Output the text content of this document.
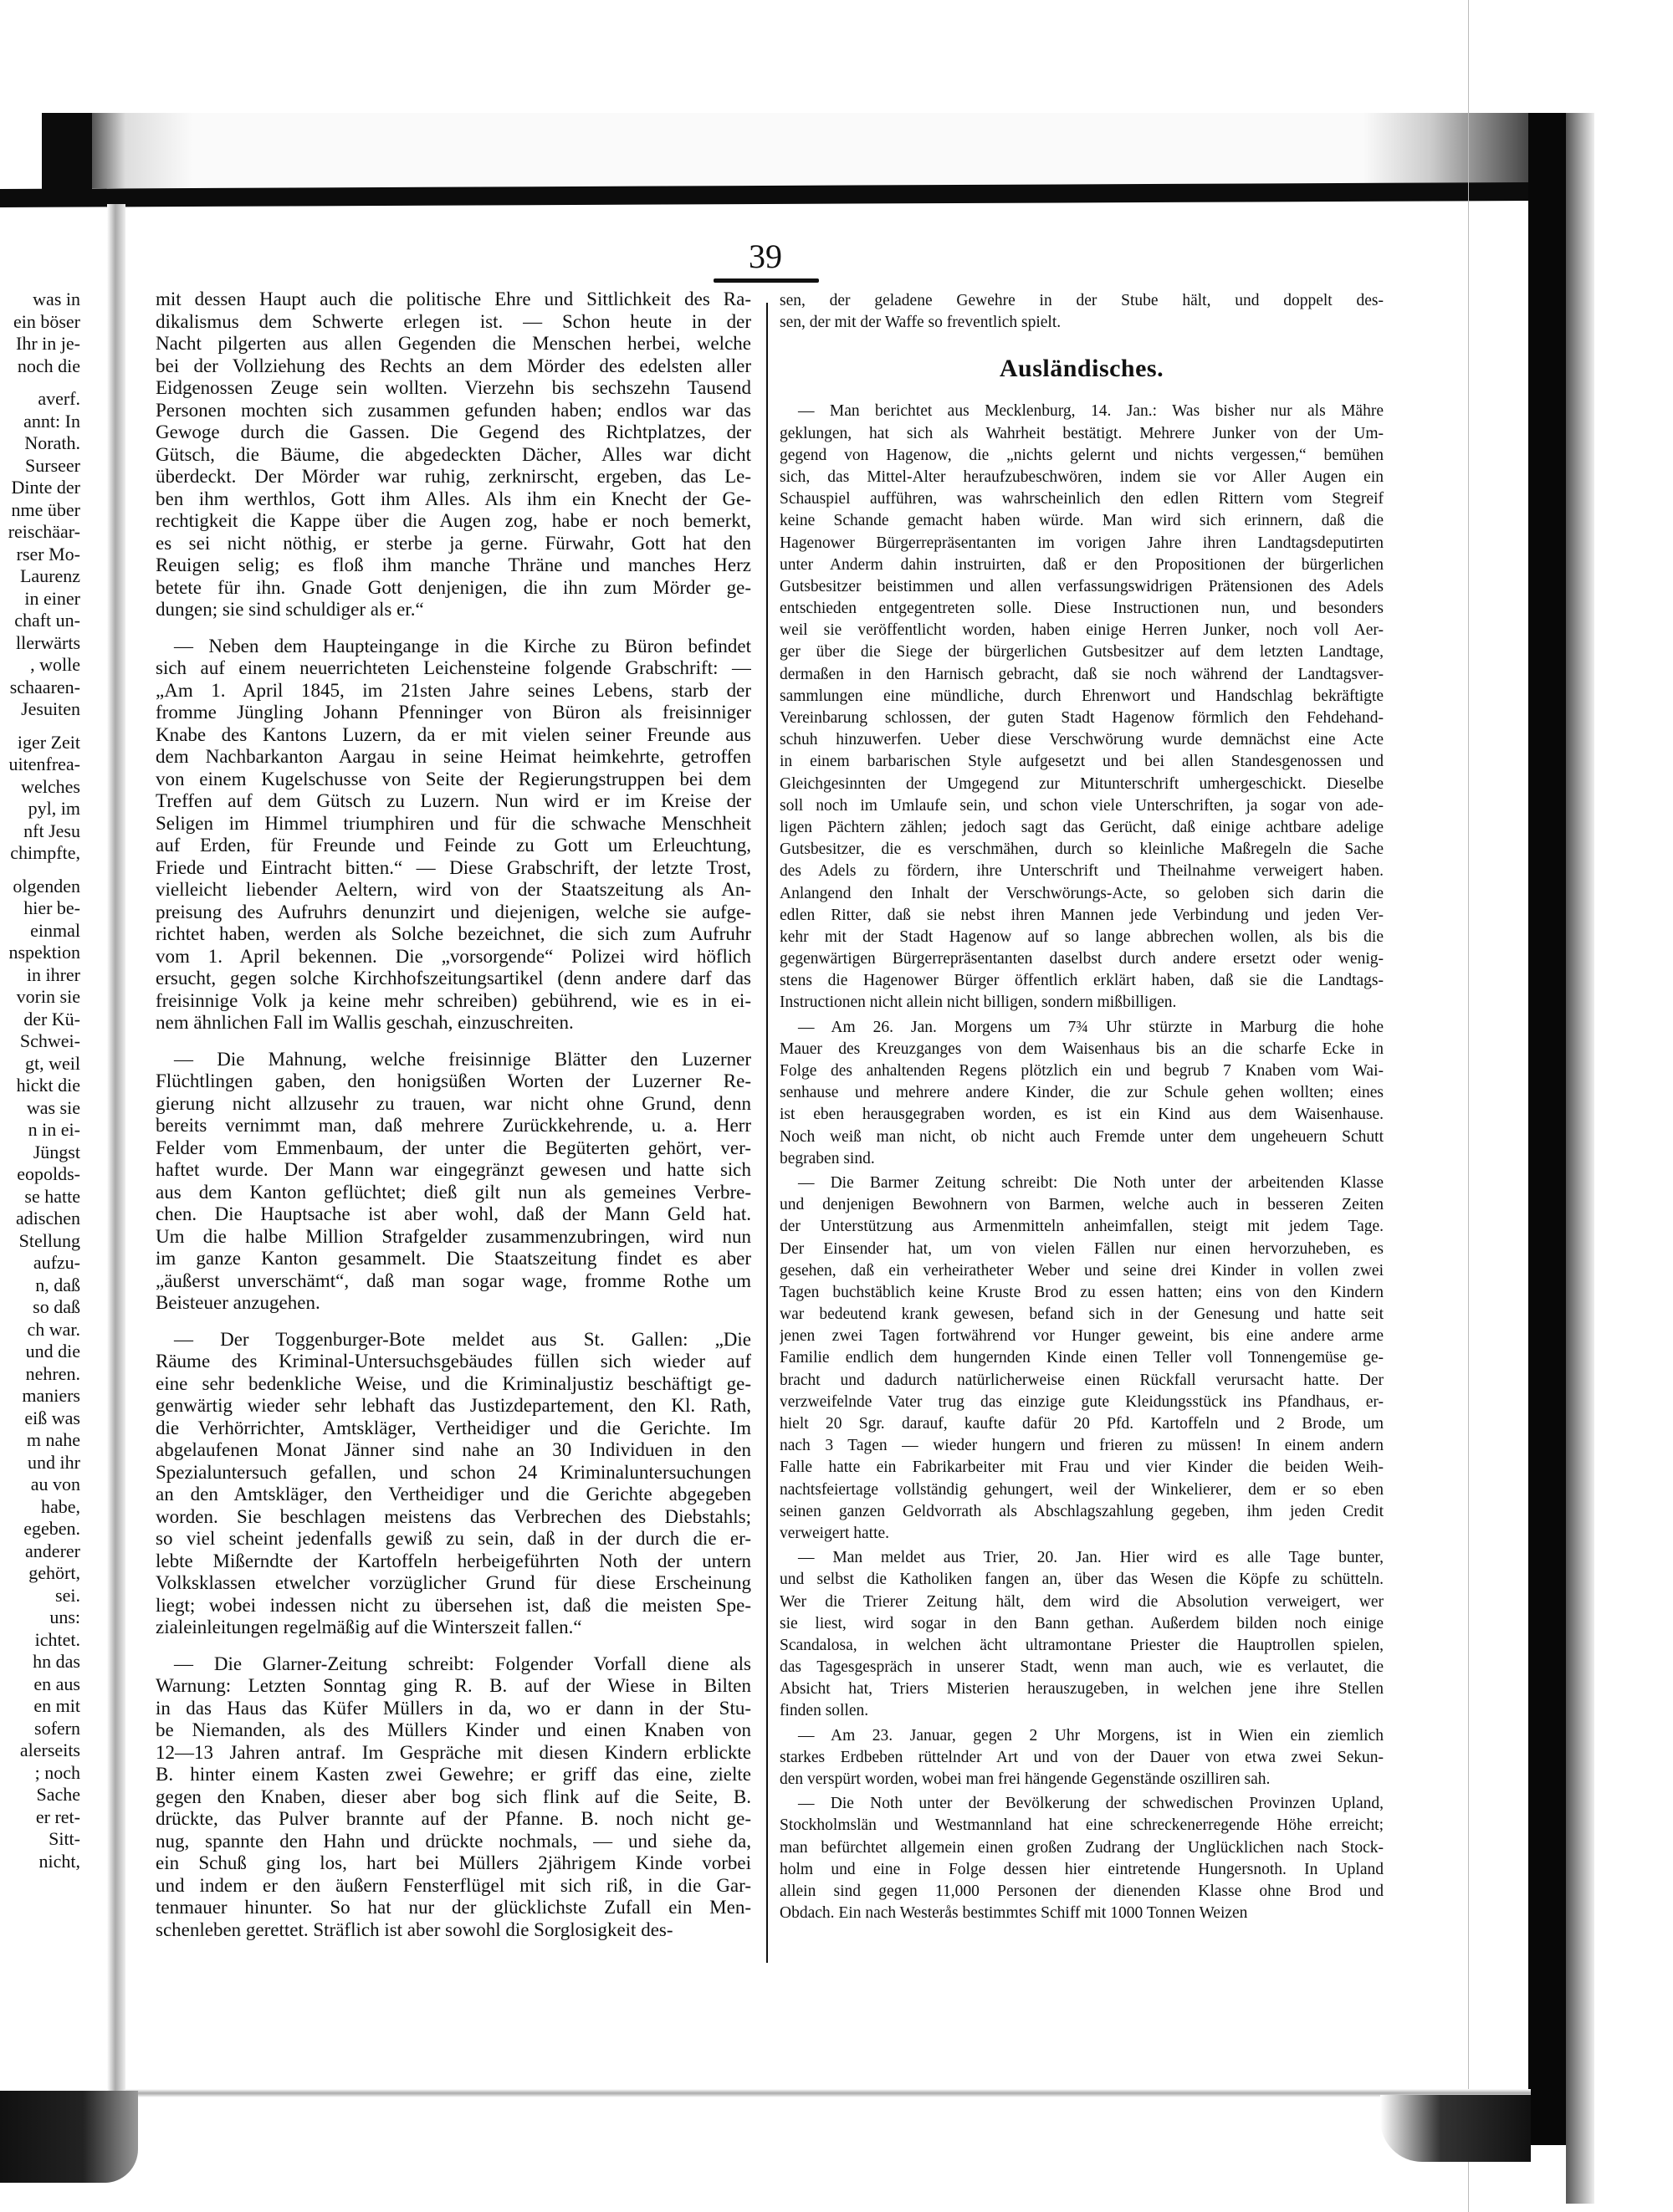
39
was in
ein böser
Ihr in je-
noch die
averf.
annt: In
Norath.
Surseer
Dinte der
nme über
reischäar-
rser Mo-
Laurenz
in einer
chaft un-
llerwärts
, wolle
schaaren-
Jesuiten
iger Zeit
uitenfrea-
welches
pyl, im
nft Jesu
chimpfte,
olgenden
hier be-
einmal
nspektion
in ihrer
vorin sie
der Kü-
Schwei-
gt, weil
hickt die
was sie
n in ei-
Jüngst
eopolds-
se hatte
adischen
Stellung
aufzu-
n, daß
so daß
ch war.
und die
nehren.
maniers
eiß was
m nahe
und ihr
au von
habe,
egeben.
anderer
gehört,
sei.
uns:
ichtet.
hn das
en aus
en mit
sofern
alerseits
; noch
Sache
er ret-
Sitt-
nicht,
mit dessen Haupt auch die politische Ehre und Sittlichkeit des Ra-
dikalismus dem Schwerte erlegen ist. — Schon heute in der
Nacht pilgerten aus allen Gegenden die Menschen herbei, welche
bei der Vollziehung des Rechts an dem Mörder des edelsten aller
Eidgenossen Zeuge sein wollten. Vierzehn bis sechszehn Tausend
Personen mochten sich zusammen gefunden haben; endlos war das
Gewoge durch die Gassen. Die Gegend des Richtplatzes, der
Gütsch, die Bäume, die abgedeckten Dächer, Alles war dicht
überdeckt. Der Mörder war ruhig, zerknirscht, ergeben, das Le-
ben ihm werthlos, Gott ihm Alles. Als ihm ein Knecht der Ge-
rechtigkeit die Kappe über die Augen zog, habe er noch bemerkt,
es sei nicht nöthig, er sterbe ja gerne. Fürwahr, Gott hat den
Reuigen selig; es floß ihm manche Thräne und manches Herz
betete für ihn. Gnade Gott denjenigen, die ihn zum Mörder ge-
dungen; sie sind schuldiger als er.“
— Neben dem Haupteingange in die Kirche zu Büron befindet
sich auf einem neuerrichteten Leichensteine folgende Grabschrift: —
„Am 1. April 1845, im 21sten Jahre seines Lebens, starb der
fromme Jüngling Johann Pfenninger von Büron als freisinniger
Knabe des Kantons Luzern, da er mit vielen seiner Freunde aus
dem Nachbarkanton Aargau in seine Heimat heimkehrte, getroffen
von einem Kugelschusse von Seite der Regierungstruppen bei dem
Treffen auf dem Gütsch zu Luzern. Nun wird er im Kreise der
Seligen im Himmel triumphiren und für die schwache Menschheit
auf Erden, für Freunde und Feinde zu Gott um Erleuchtung,
Friede und Eintracht bitten.“ — Diese Grabschrift, der letzte Trost,
vielleicht liebender Aeltern, wird von der Staatszeitung als An-
preisung des Aufruhrs denunzirt und diejenigen, welche sie aufge-
richtet haben, werden als Solche bezeichnet, die sich zum Aufruhr
vom 1. April bekennen. Die „vorsorgende“ Polizei wird höflich
ersucht, gegen solche Kirchhofszeitungsartikel (denn andere darf das
freisinnige Volk ja keine mehr schreiben) gebührend, wie es in ei-
nem ähnlichen Fall im Wallis geschah, einzuschreiten.
— Die Mahnung, welche freisinnige Blätter den Luzerner
Flüchtlingen gaben, den honigsüßen Worten der Luzerner Re-
gierung nicht allzusehr zu trauen, war nicht ohne Grund, denn
bereits vernimmt man, daß mehrere Zurückkehrende, u. a. Herr
Felder vom Emmenbaum, der unter die Begüterten gehört, ver-
haftet wurde. Der Mann war eingegränzt gewesen und hatte sich
aus dem Kanton geflüchtet; dieß gilt nun als gemeines Verbre-
chen. Die Hauptsache ist aber wohl, daß der Mann Geld hat.
Um die halbe Million Strafgelder zusammenzubringen, wird nun
im ganze Kanton gesammelt. Die Staatszeitung findet es aber
„äußerst unverschämt“, daß man sogar wage, fromme Rothe um
Beisteuer anzugehen.
— Der Toggenburger-Bote meldet aus St. Gallen: „Die
Räume des Kriminal-Untersuchsgebäudes füllen sich wieder auf
eine sehr bedenkliche Weise, und die Kriminaljustiz beschäftigt ge-
genwärtig wieder sehr lebhaft das Justizdepartement, den Kl. Rath,
die Verhörrichter, Amtskläger, Vertheidiger und die Gerichte. Im
abgelaufenen Monat Jänner sind nahe an 30 Individuen in den
Spezialuntersuch gefallen, und schon 24 Kriminaluntersuchungen
an den Amtskläger, den Vertheidiger und die Gerichte abgegeben
worden. Sie beschlagen meistens das Verbrechen des Diebstahls;
so viel scheint jedenfalls gewiß zu sein, daß in der durch die er-
lebte Mißerndte der Kartoffeln herbeigeführten Noth der untern
Volksklassen etwelcher vorzüglicher Grund für diese Erscheinung
liegt; wobei indessen nicht zu übersehen ist, daß die meisten Spe-
zialeinleitungen regelmäßig auf die Winterszeit fallen.“
— Die Glarner-Zeitung schreibt: Folgender Vorfall diene als
Warnung: Letzten Sonntag ging R. B. auf der Wiese in Bilten
in das Haus das Küfer Müllers in da, wo er dann in der Stu-
be Niemanden, als des Müllers Kinder und einen Knaben von
12—13 Jahren antraf. Im Gespräche mit diesen Kindern erblickte
B. hinter einem Kasten zwei Gewehre; er griff das eine, zielte
gegen den Knaben, dieser aber bog sich flink auf die Seite, B.
drückte, das Pulver brannte auf der Pfanne. B. noch nicht ge-
nug, spannte den Hahn und drückte nochmals, — und siehe da,
ein Schuß ging los, hart bei Müllers 2jährigem Kinde vorbei
und indem er den äußern Fensterflügel mit sich riß, in die Gar-
tenmauer hinunter. So hat nur der glücklichste Zufall ein Men-
schenleben gerettet. Sträflich ist aber sowohl die Sorglosigkeit des-
sen, der geladene Gewehre in der Stube hält, und doppelt des-
sen, der mit der Waffe so freventlich spielt.
Ausländisches.
— Man berichtet aus Mecklenburg, 14. Jan.: Was bisher nur als Mähre
geklungen, hat sich als Wahrheit bestätigt. Mehrere Junker von der Um-
gegend von Hagenow, die „nichts gelernt und nichts vergessen,“ bemühen
sich, das Mittel-Alter heraufzubeschwören, indem sie vor Aller Augen ein
Schauspiel aufführen, was wahrscheinlich den edlen Rittern vom Stegreif
keine Schande gemacht haben würde. Man wird sich erinnern, daß die
Hagenower Bürgerrepräsentanten im vorigen Jahre ihren Landtagsdeputirten
unter Anderm dahin instruirten, daß er den Propositionen der bürgerlichen
Gutsbesitzer beistimmen und allen verfassungswidrigen Prätensionen des Adels
entschieden entgegentreten solle. Diese Instructionen nun, und besonders
weil sie veröffentlicht worden, haben einige Herren Junker, noch voll Aer-
ger über die Siege der bürgerlichen Gutsbesitzer auf dem letzten Landtage,
dermaßen in den Harnisch gebracht, daß sie noch während der Landtagsver-
sammlungen eine mündliche, durch Ehrenwort und Handschlag bekräftigte
Vereinbarung schlossen, der guten Stadt Hagenow förmlich den Fehdehand-
schuh hinzuwerfen. Ueber diese Verschwörung wurde demnächst eine Acte
in einem barbarischen Style aufgesetzt und bei allen Standesgenossen und
Gleichgesinnten der Umgegend zur Mitunterschrift umhergeschickt. Dieselbe
soll noch im Umlaufe sein, und schon viele Unterschriften, ja sogar von ade-
ligen Pächtern zählen; jedoch sagt das Gerücht, daß einige achtbare adelige
Gutsbesitzer, die es verschmähen, durch so kleinliche Maßregeln die Sache
des Adels zu fördern, ihre Unterschrift und Theilnahme verweigert haben.
Anlangend den Inhalt der Verschwörungs-Acte, so geloben sich darin die
edlen Ritter, daß sie nebst ihren Mannen jede Verbindung und jeden Ver-
kehr mit der Stadt Hagenow auf so lange abbrechen wollen, als bis die
gegenwärtigen Bürgerrepräsentanten daselbst durch andere ersetzt oder wenig-
stens die Hagenower Bürger öffentlich erklärt haben, daß sie die Landtags-
Instructionen nicht allein nicht billigen, sondern mißbilligen.
— Am 26. Jan. Morgens um 7¾ Uhr stürzte in Marburg die hohe
Mauer des Kreuzganges von dem Waisenhaus bis an die scharfe Ecke in
Folge des anhaltenden Regens plötzlich ein und begrub 7 Knaben vom Wai-
senhause und mehrere andere Kinder, die zur Schule gehen wollten; eines
ist eben herausgegraben worden, es ist ein Kind aus dem Waisenhause.
Noch weiß man nicht, ob nicht auch Fremde unter dem ungeheuern Schutt
begraben sind.
— Die Barmer Zeitung schreibt: Die Noth unter der arbeitenden Klasse
und denjenigen Bewohnern von Barmen, welche auch in besseren Zeiten
der Unterstützung aus Armenmitteln anheimfallen, steigt mit jedem Tage.
Der Einsender hat, um von vielen Fällen nur einen hervorzuheben, es
gesehen, daß ein verheiratheter Weber und seine drei Kinder in vollen zwei
Tagen buchstäblich keine Kruste Brod zu essen hatten; eins von den Kindern
war bedeutend krank gewesen, befand sich in der Genesung und hatte seit
jenen zwei Tagen fortwährend vor Hunger geweint, bis eine andere arme
Familie endlich dem hungernden Kinde einen Teller voll Tonnengemüse ge-
bracht und dadurch natürlicherweise einen Rückfall verursacht hatte. Der
verzweifelnde Vater trug das einzige gute Kleidungsstück ins Pfandhaus, er-
hielt 20 Sgr. darauf, kaufte dafür 20 Pfd. Kartoffeln und 2 Brode, um
nach 3 Tagen — wieder hungern und frieren zu müssen! In einem andern
Falle hatte ein Fabrikarbeiter mit Frau und vier Kinder die beiden Weih-
nachtsfeiertage vollständig gehungert, weil der Winkelierer, dem er so eben
seinen ganzen Geldvorrath als Abschlagszahlung gegeben, ihm jeden Credit
verweigert hatte.
— Man meldet aus Trier, 20. Jan. Hier wird es alle Tage bunter,
und selbst die Katholiken fangen an, über das Wesen die Köpfe zu schütteln.
Wer die Trierer Zeitung hält, dem wird die Absolution verweigert, wer
sie liest, wird sogar in den Bann gethan. Außerdem bilden noch einige
Scandalosa, in welchen ächt ultramontane Priester die Hauptrollen spielen,
das Tagesgespräch in unserer Stadt, wenn man auch, wie es verlautet, die
Absicht hat, Triers Misterien herauszugeben, in welchen jene ihre Stellen
finden sollen.
— Am 23. Januar, gegen 2 Uhr Morgens, ist in Wien ein ziemlich
starkes Erdbeben rüttelnder Art und von der Dauer von etwa zwei Sekun-
den verspürt worden, wobei man frei hängende Gegenstände oszilliren sah.
— Die Noth unter der Bevölkerung der schwedischen Provinzen Upland,
Stockholmslän und Westmannland hat eine schreckenerregende Höhe erreicht;
man befürchtet allgemein einen großen Zudrang der Unglücklichen nach Stock-
holm und eine in Folge dessen hier eintretende Hungersnoth. In Upland
allein sind gegen 11,000 Personen der dienenden Klasse ohne Brod und
Obdach. Ein nach Westerås bestimmtes Schiff mit 1000 Tonnen Weizen
